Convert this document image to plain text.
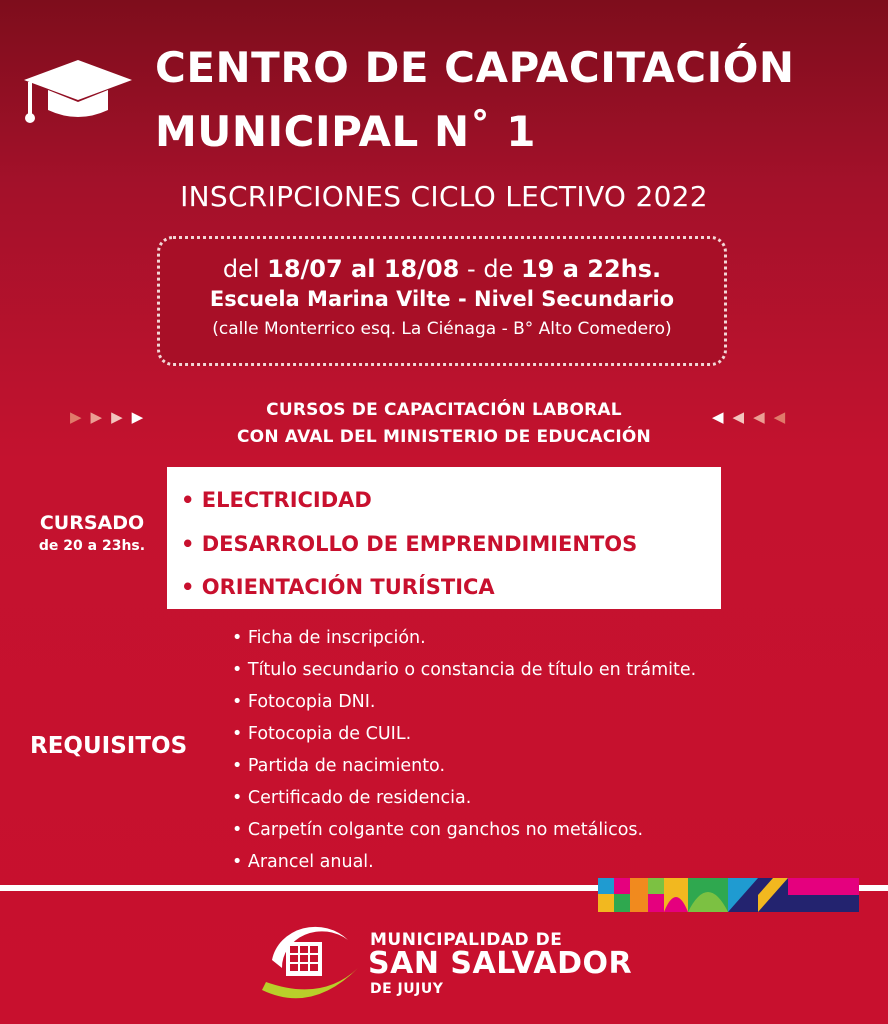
CENTRO DE CAPACITACIÓN
MUNICIPAL N˚ 1
INSCRIPCIONES CICLO LECTIVO 2022
del 18/07 al 18/08 - de 19 a 22hs.
Escuela Marina Vilte - Nivel Secundario
(calle Monterrico esq. La Ciénaga - B° Alto Comedero)
▶▶▶▶	CURSOS DE CAPACITACIÓN LABORAL
CON AVAL DEL MINISTERIO DE EDUCACIÓN
◀◀◀◀
CURSADO
de 20 a 23hs.
• ELECTRICIDAD
• DESARROLLO DE EMPRENDIMIENTOS
• ORIENTACIÓN TURÍSTICA
REQUISITOS
• Ficha de inscripción.
• Título secundario o constancia de título en trámite.
• Fotocopia DNI.
• Fotocopia de CUIL.
• Partida de nacimiento.
• Certificado de residencia.
• Carpetín colgante con ganchos no metálicos.
• Arancel anual.
MUNICIPALIDAD DE
SAN SALVADOR
DE JUJUY
